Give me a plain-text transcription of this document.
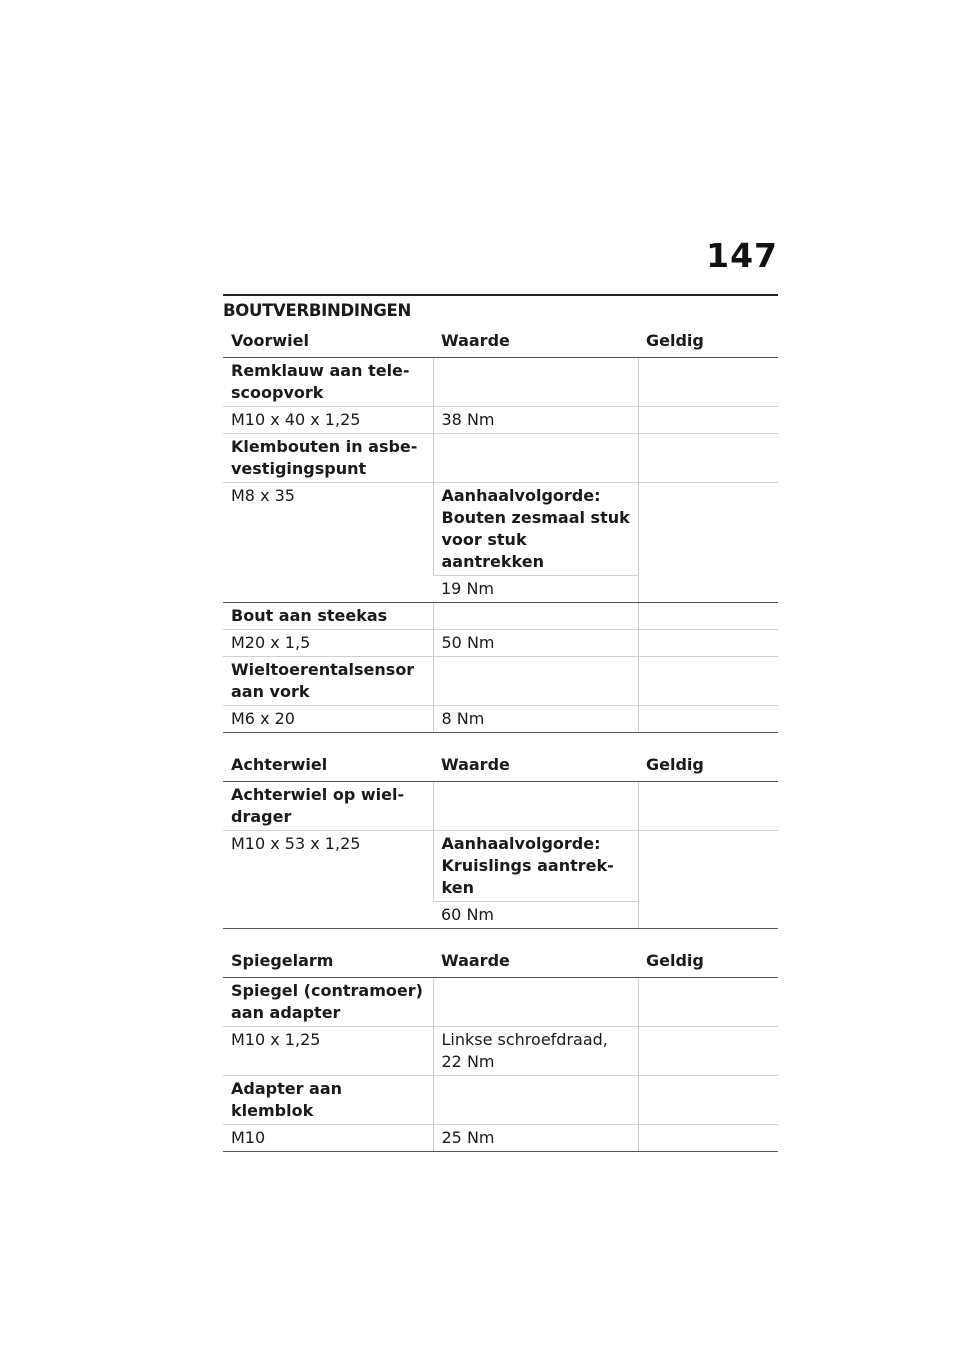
147
BOUTVERBINDINGEN
Voorwiel	Waarde	Geldig
Remklauw aan tele-scoopvork		
M10 x 40 x 1,25	38 Nm	
Klembouten in asbe-vestigingspunt		
M8 x 35	Aanhaalvolgorde: Bouten zesmaal stuk voor stuk aantrekken	
	19 Nm	
Bout aan steekas		
M20 x 1,5	50 Nm	
Wieltoerentalsensor aan vork		
M6 x 20	8 Nm	
Achterwiel	Waarde	Geldig
Achterwiel op wiel-drager		
M10 x 53 x 1,25	Aanhaalvolgorde: Kruislings aantrek-ken	
	60 Nm	
Spiegelarm	Waarde	Geldig
Spiegel (contramoer) aan adapter		
M10 x 1,25	Linkse schroefdraad, 22 Nm	
Adapter aan klemblok		
M10	25 Nm	
